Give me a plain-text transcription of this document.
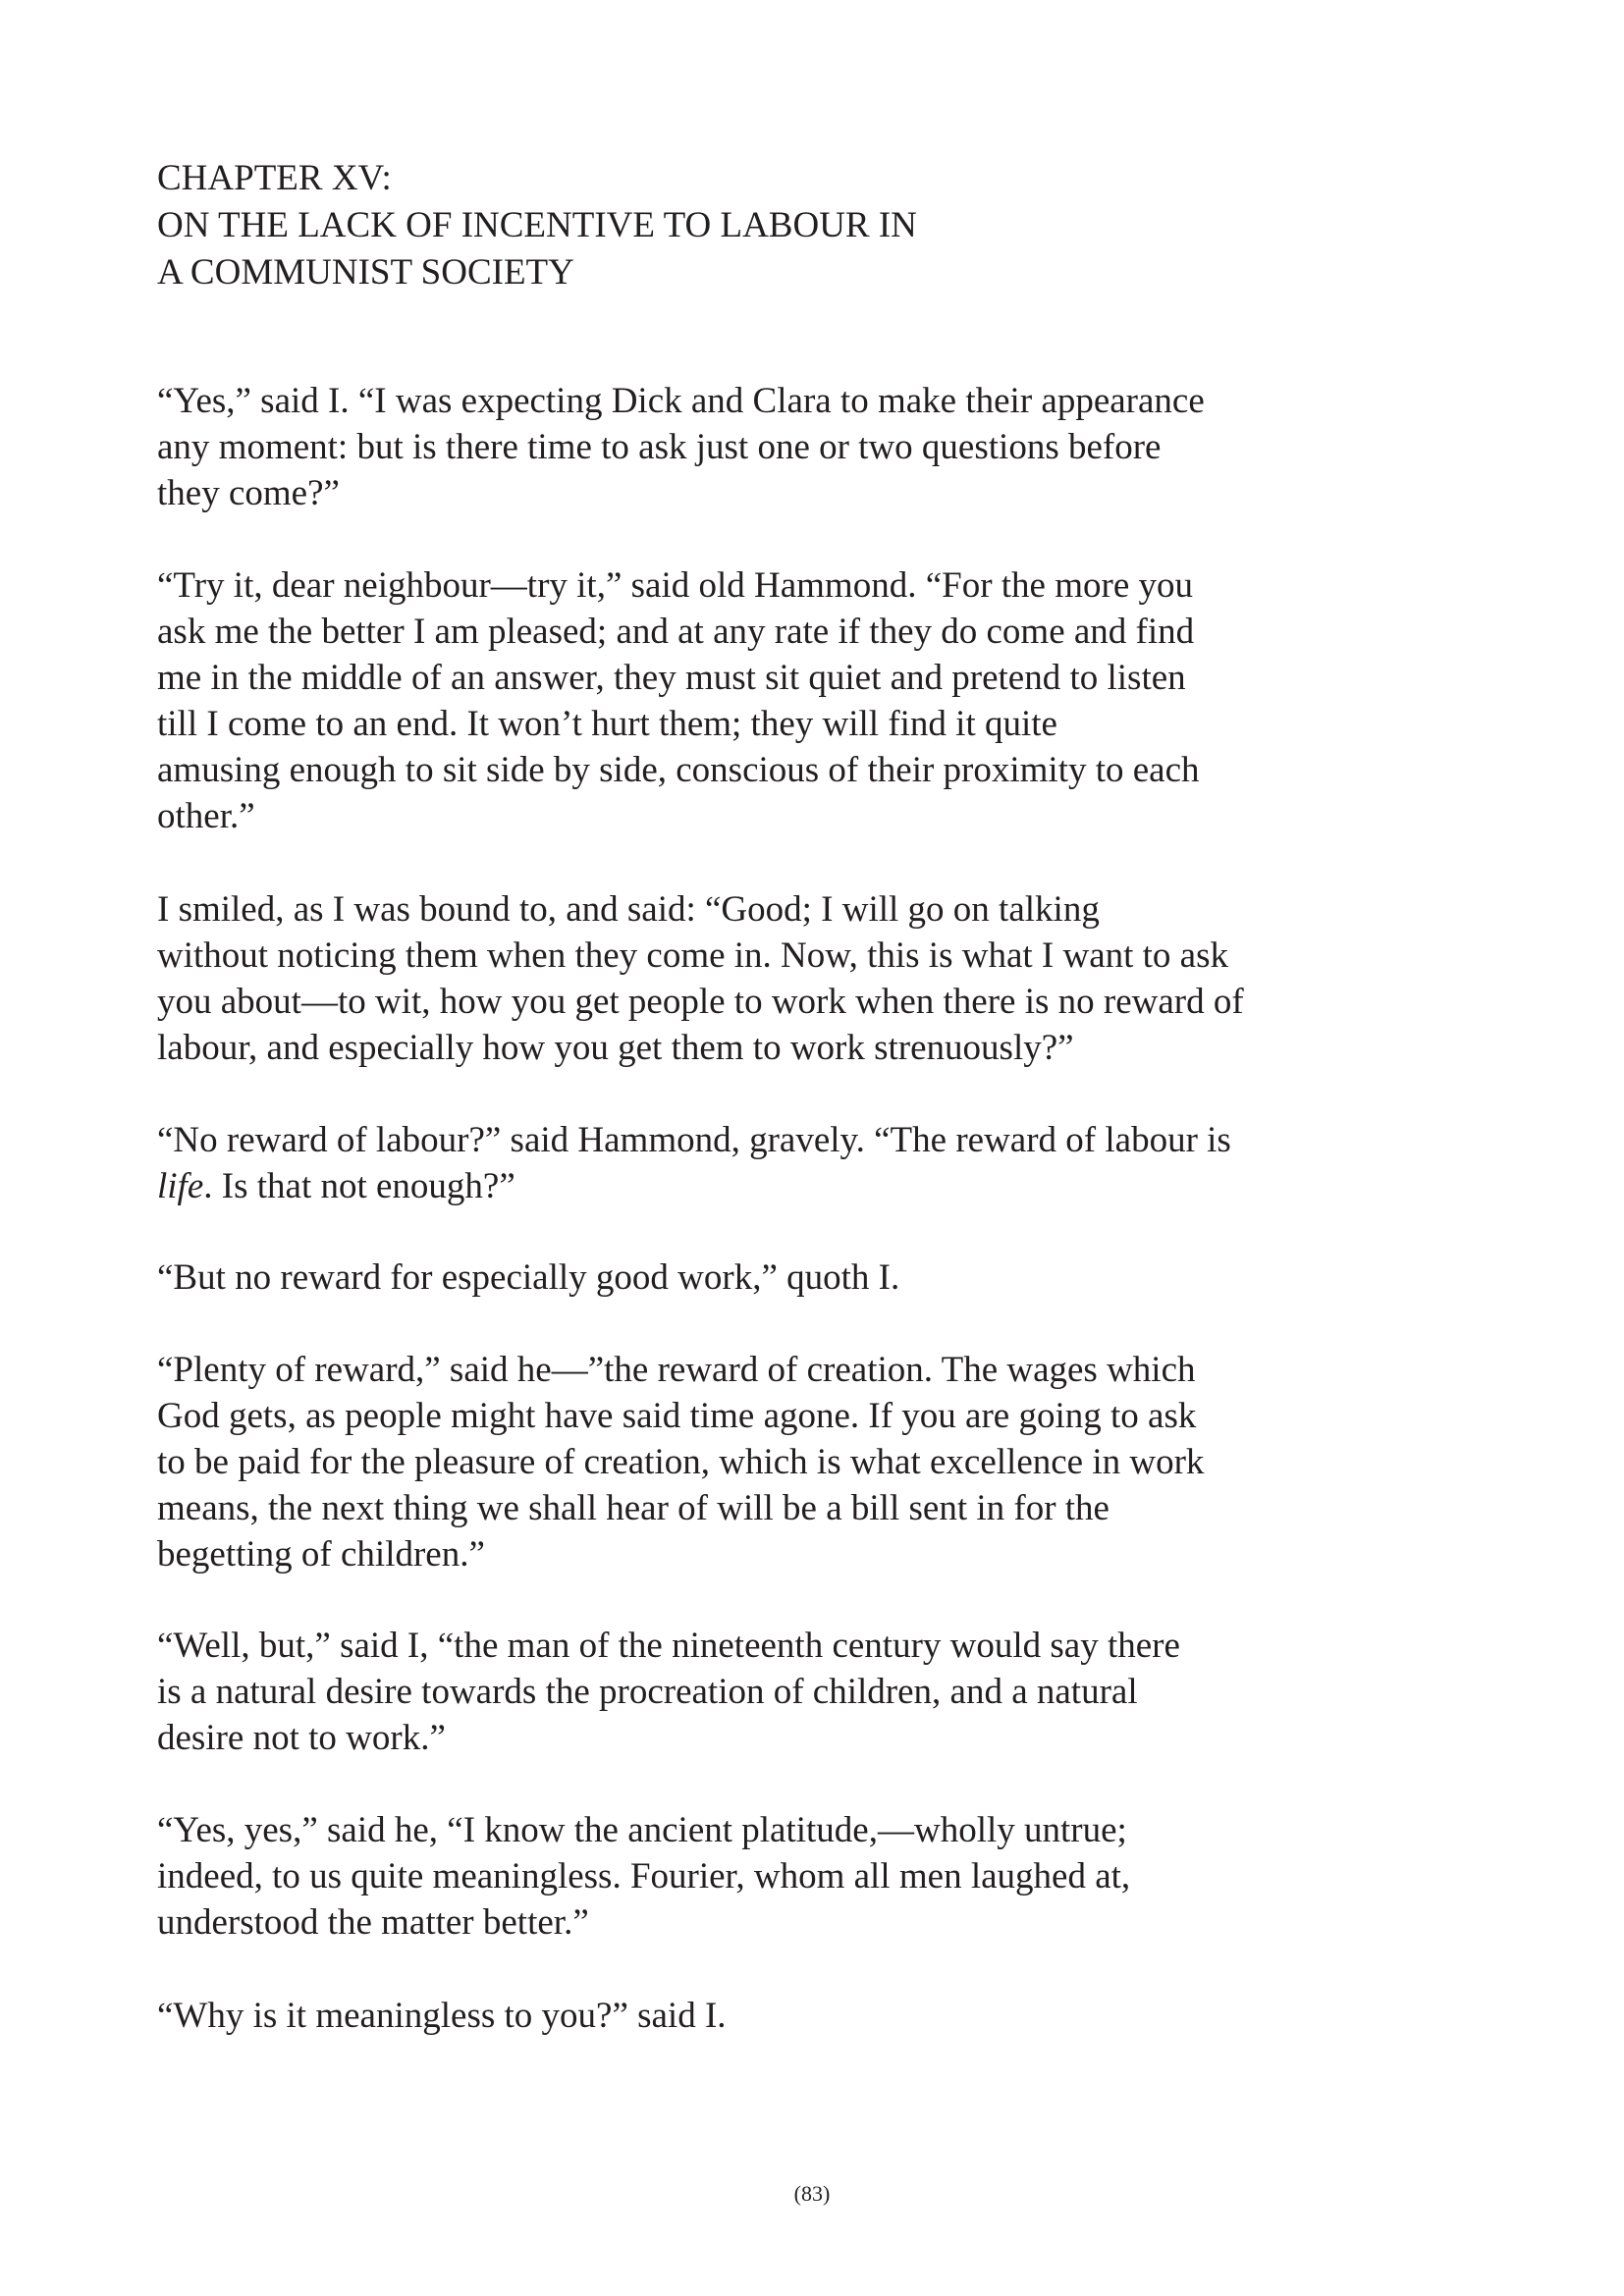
CHAPTER XV:
ON THE LACK OF INCENTIVE TO LABOUR IN
A COMMUNIST SOCIETY

“Yes,” said I. “I was expecting Dick and Clara to make their appearance
any moment: but is there time to ask just one or two questions before
they come?”

“Try it, dear neighbour—try it,” said old Hammond. “For the more you
ask me the better I am pleased; and at any rate if they do come and find
me in the middle of an answer, they must sit quiet and pretend to listen
till I come to an end. It won’t hurt them; they will find it quite
amusing enough to sit side by side, conscious of their proximity to each
other.”

I smiled, as I was bound to, and said: “Good; I will go on talking
without noticing them when they come in. Now, this is what I want to ask
you about—to wit, how you get people to work when there is no reward of
labour, and especially how you get them to work strenuously?”

“No reward of labour?” said Hammond, gravely. “The reward of labour is
life. Is that not enough?”

“But no reward for especially good work,” quoth I.

“Plenty of reward,” said he—”the reward of creation. The wages which
God gets, as people might have said time agone. If you are going to ask
to be paid for the pleasure of creation, which is what excellence in work
means, the next thing we shall hear of will be a bill sent in for the
begetting of children.”

“Well, but,” said I, “the man of the nineteenth century would say there
is a natural desire towards the procreation of children, and a natural
desire not to work.”

“Yes, yes,” said he, “I know the ancient platitude,—wholly untrue;
indeed, to us quite meaningless. Fourier, whom all men laughed at,
understood the matter better.”

“Why is it meaningless to you?” said I.

(83)
